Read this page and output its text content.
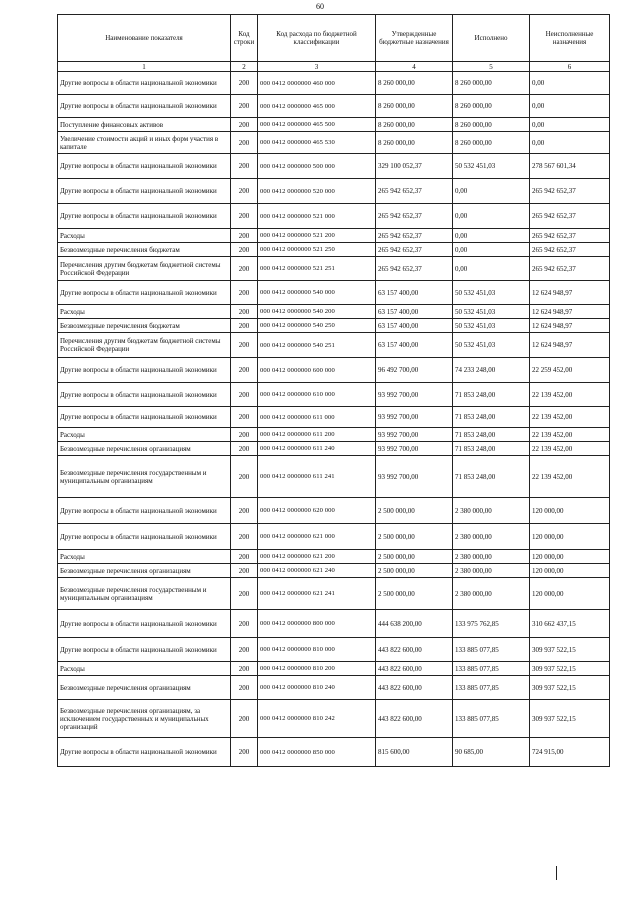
60
Наименование показателя	Код строки	Код расхода по бюджетной классификации	Утвержденные бюджетные назначения	Исполнено	Неисполненные назначения
1	2	3	4	5	6
Другие вопросы в области национальной экономики	200	000 0412 0000000 460 000	8 260 000,00	8 260 000,00	0,00
Другие вопросы в области национальной экономики	200	000 0412 0000000 465 000	8 260 000,00	8 260 000,00	0,00
Поступление финансовых активов	200	000 0412 0000000 465 500	8 260 000,00	8 260 000,00	0,00
Увеличение стоимости акций и иных форм участия в капитале	200	000 0412 0000000 465 530	8 260 000,00	8 260 000,00	0,00
Другие вопросы в области национальной экономики	200	000 0412 0000000 500 000	329 100 052,37	50 532 451,03	278 567 601,34
Другие вопросы в области национальной экономики	200	000 0412 0000000 520 000	265 942 652,37	0,00	265 942 652,37
Другие вопросы в области национальной экономики	200	000 0412 0000000 521 000	265 942 652,37	0,00	265 942 652,37
Расходы	200	000 0412 0000000 521 200	265 942 652,37	0,00	265 942 652,37
Безвозмездные перечисления бюджетам	200	000 0412 0000000 521 250	265 942 652,37	0,00	265 942 652,37
Перечисления другим бюджетам бюджетной системы Российской Федерации	200	000 0412 0000000 521 251	265 942 652,37	0,00	265 942 652,37
Другие вопросы в области национальной экономики	200	000 0412 0000000 540 000	63 157 400,00	50 532 451,03	12 624 948,97
Расходы	200	000 0412 0000000 540 200	63 157 400,00	50 532 451,03	12 624 948,97
Безвозмездные перечисления бюджетам	200	000 0412 0000000 540 250	63 157 400,00	50 532 451,03	12 624 948,97
Перечисления другим бюджетам бюджетной системы Российской Федерации	200	000 0412 0000000 540 251	63 157 400,00	50 532 451,03	12 624 948,97
Другие вопросы в области национальной экономики	200	000 0412 0000000 600 000	96 492 700,00	74 233 248,00	22 259 452,00
Другие вопросы в области национальной экономики	200	000 0412 0000000 610 000	93 992 700,00	71 853 248,00	22 139 452,00
Другие вопросы в области национальной экономики	200	000 0412 0000000 611 000	93 992 700,00	71 853 248,00	22 139 452,00
Расходы	200	000 0412 0000000 611 200	93 992 700,00	71 853 248,00	22 139 452,00
Безвозмездные перечисления организациям	200	000 0412 0000000 611 240	93 992 700,00	71 853 248,00	22 139 452,00
Безвозмездные перечисления государственным и муниципальным организациям	200	000 0412 0000000 611 241	93 992 700,00	71 853 248,00	22 139 452,00
Другие вопросы в области национальной экономики	200	000 0412 0000000 620 000	2 500 000,00	2 380 000,00	120 000,00
Другие вопросы в области национальной экономики	200	000 0412 0000000 621 000	2 500 000,00	2 380 000,00	120 000,00
Расходы	200	000 0412 0000000 621 200	2 500 000,00	2 380 000,00	120 000,00
Безвозмездные перечисления организациям	200	000 0412 0000000 621 240	2 500 000,00	2 380 000,00	120 000,00
Безвозмездные перечисления государственным и муниципальным организациям	200	000 0412 0000000 621 241	2 500 000,00	2 380 000,00	120 000,00
Другие вопросы в области национальной экономики	200	000 0412 0000000 800 000	444 638 200,00	133 975 762,85	310 662 437,15
Другие вопросы в области национальной экономики	200	000 0412 0000000 810 000	443 822 600,00	133 885 077,85	309 937 522,15
Расходы	200	000 0412 0000000 810 200	443 822 600,00	133 885 077,85	309 937 522,15
Безвозмездные перечисления организациям	200	000 0412 0000000 810 240	443 822 600,00	133 885 077,85	309 937 522,15
Безвозмездные перечисления организациям, за исключением государственных и муниципальных организаций	200	000 0412 0000000 810 242	443 822 600,00	133 885 077,85	309 937 522,15
Другие вопросы в области национальной экономики	200	000 0412 0000000 850 000	815 600,00	90 685,00	724 915,00
